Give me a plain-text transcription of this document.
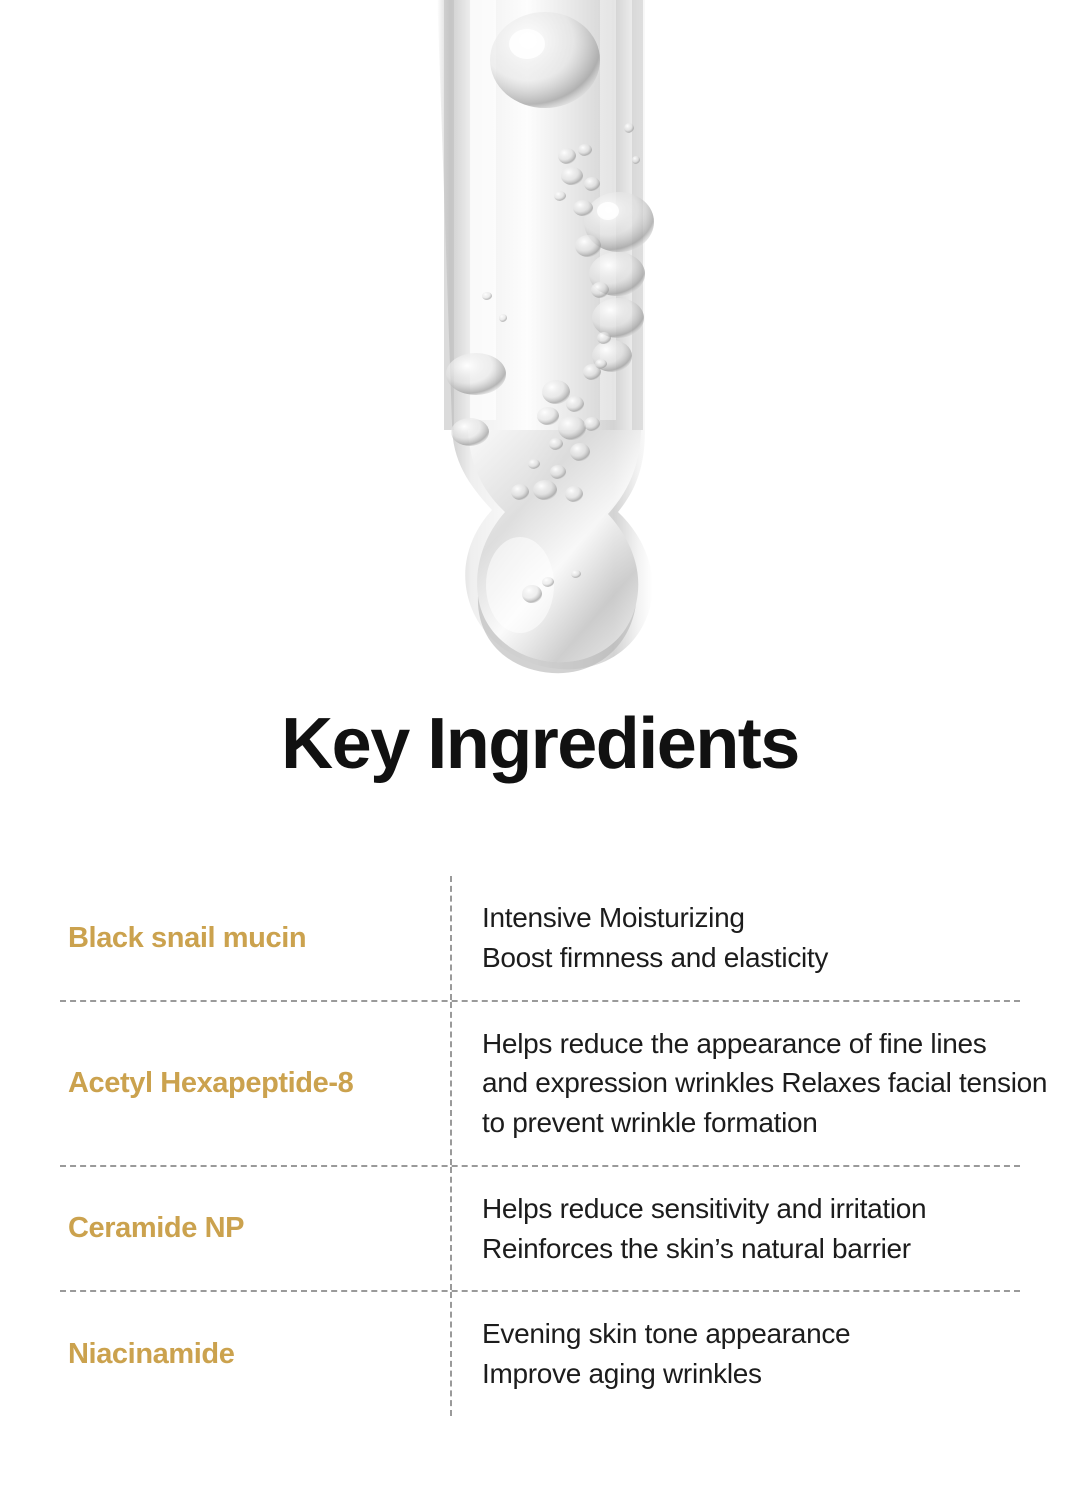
Key Ingredients
Black snail mucin
Intensive Moisturizing
Boost firmness and elasticity
Acetyl Hexapeptide-8
Helps reduce the appearance of fine lines
and expression wrinkles Relaxes facial tension
to prevent wrinkle formation
Ceramide NP
Helps reduce sensitivity and irritation
Reinforces the skin’s natural barrier
Niacinamide
Evening skin tone appearance
Improve aging wrinkles
